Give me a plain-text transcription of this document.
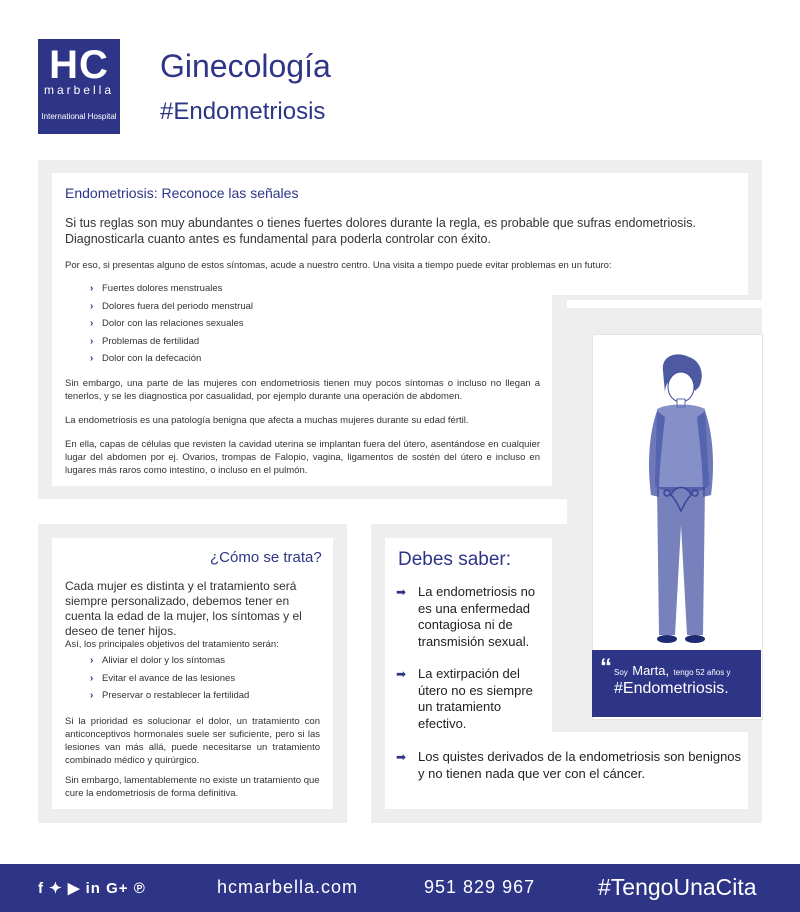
HC
marbella
International Hospital
Ginecología
#Endometriosis
Endometriosis: Reconoce las señales

Si tus reglas son muy abundantes o tienes fuertes dolores durante la regla, es probable que sufras endometriosis. Diagnosticarla cuanto antes es fundamental para poderla controlar con éxito.

Por eso, si presentas alguno de estos síntomas, acude a nuestro centro. Una visita a tiempo puede evitar problemas en un futuro:

› Fuertes dolores menstruales
› Dolores fuera del periodo menstrual
› Dolor con las relaciones sexuales
› Problemas de fertilidad
› Dolor con la defecación

Sin embargo, una parte de las mujeres con endometriosis tienen muy pocos síntomas o incluso no llegan a tenerlos, y se les diagnostica por casualidad, por ejemplo durante una operación de abdomen.

La endometriosis es una patología benigna que afecta a muchas mujeres durante su edad fértil.

En ella, capas de células que revisten la cavidad uterina se implantan fuera del útero, asentándose en cualquier lugar del abdomen por ej. Ovarios, trompas de Falopio, vagina, ligamentos de sostén del útero e incluso en lugares más raros como intestino, o incluso en el pulmón.

¿Cómo se trata?

Cada mujer es distinta y el tratamiento será siempre personalizado, debemos tener en cuenta la edad de la mujer, los síntomas y el deseo de tener hijos.

Así, los principales objetivos del tratamiento serán:

› Aliviar el dolor y los síntomas
› Evitar el avance de las lesiones
› Preservar o restablecer la fertilidad

Si la prioridad es solucionar el dolor, un tratamiento con anticonceptivos hormonales suele ser suficiente, pero si las lesiones van más allá, puede necesitarse un tratamiento combinado médico y quirúrgico.

Sin embargo, lamentablemente no existe un tratamiento que cure la endometriosis de forma definitiva.

Debes saber:
➡ La endometriosis no es una enfermedad contagiosa ni de transmisión sexual.
➡ La extirpación del útero no es siempre un tratamiento efectivo.
➡ Los quistes derivados de la endometriosis son benignos y no tienen nada que ver con el cáncer.
“ Soy Marta, tengo 52 años y
#Endometriosis.
f ✦ ▶ in G+ ℗	hcmarbella.com	951 829 967	#TengoUnaCita
